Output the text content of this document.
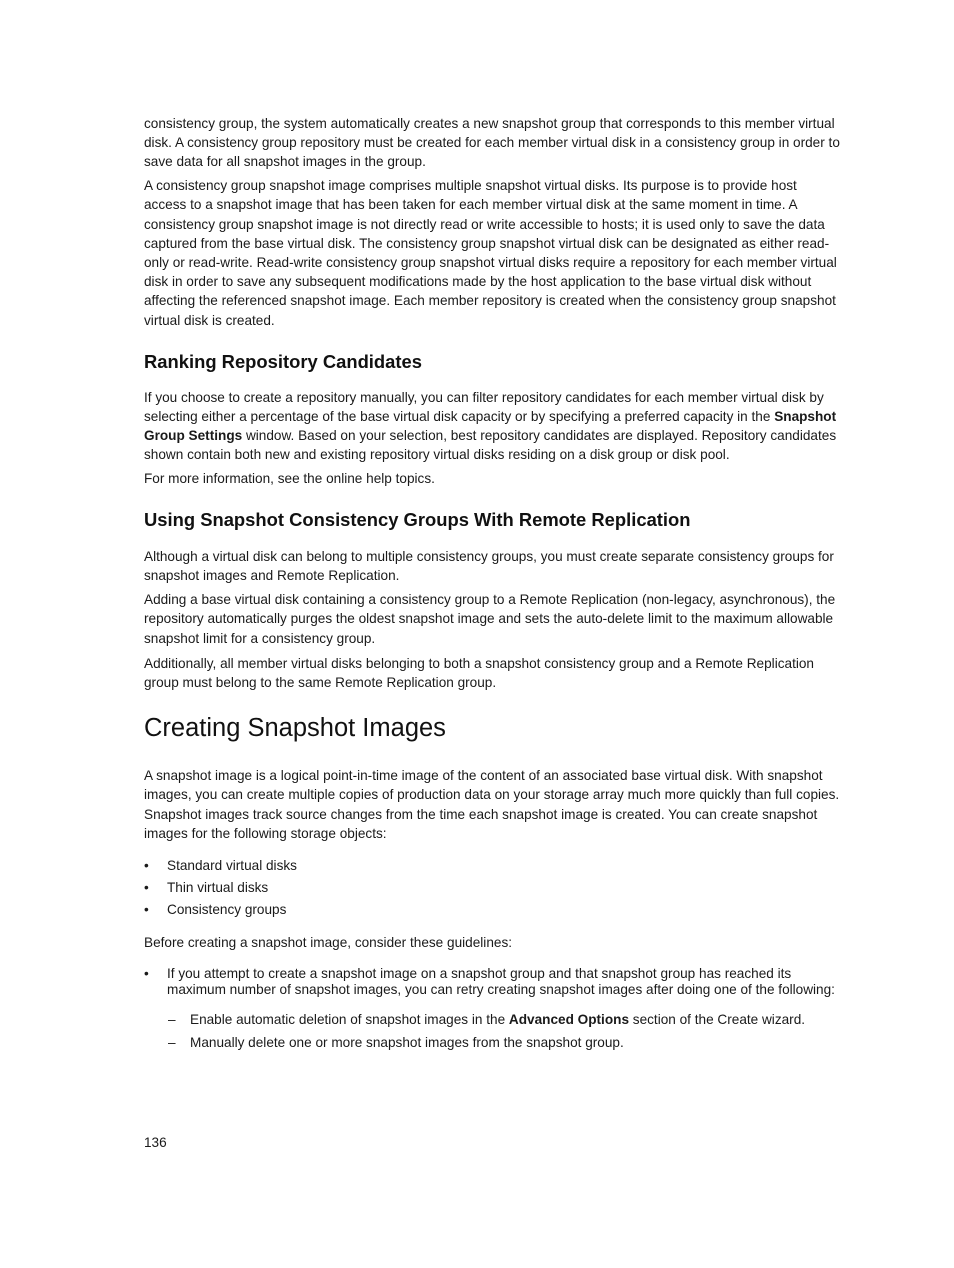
consistency group, the system automatically creates a new snapshot group that corresponds to this member virtual disk. A consistency group repository must be created for each member virtual disk in a consistency group in order to save data for all snapshot images in the group.

A consistency group snapshot image comprises multiple snapshot virtual disks. Its purpose is to provide host access to a snapshot image that has been taken for each member virtual disk at the same moment in time. A consistency group snapshot image is not directly read or write accessible to hosts; it is used only to save the data captured from the base virtual disk. The consistency group snapshot virtual disk can be designated as either read-only or read-write. Read-write consistency group snapshot virtual disks require a repository for each member virtual disk in order to save any subsequent modifications made by the host application to the base virtual disk without affecting the referenced snapshot image. Each member repository is created when the consistency group snapshot virtual disk is created.

Ranking Repository Candidates

If you choose to create a repository manually, you can filter repository candidates for each member virtual disk by selecting either a percentage of the base virtual disk capacity or by specifying a preferred capacity in the Snapshot Group Settings window. Based on your selection, best repository candidates are displayed. Repository candidates shown contain both new and existing repository virtual disks residing on a disk group or disk pool.

For more information, see the online help topics.

Using Snapshot Consistency Groups With Remote Replication

Although a virtual disk can belong to multiple consistency groups, you must create separate consistency groups for snapshot images and Remote Replication.

Adding a base virtual disk containing a consistency group to a Remote Replication (non-legacy, asynchronous), the repository automatically purges the oldest snapshot image and sets the auto-delete limit to the maximum allowable snapshot limit for a consistency group.

Additionally, all member virtual disks belonging to both a snapshot consistency group and a Remote Replication group must belong to the same Remote Replication group.

Creating Snapshot Images

A snapshot image is a logical point-in-time image of the content of an associated base virtual disk. With snapshot images, you can create multiple copies of production data on your storage array much more quickly than full copies. Snapshot images track source changes from the time each snapshot image is created. You can create snapshot images for the following storage objects:

• Standard virtual disks
• Thin virtual disks
• Consistency groups

Before creating a snapshot image, consider these guidelines:

• If you attempt to create a snapshot image on a snapshot group and that snapshot group has reached its maximum number of snapshot images, you can retry creating snapshot images after doing one of the following:
– Enable automatic deletion of snapshot images in the Advanced Options section of the Create wizard.
– Manually delete one or more snapshot images from the snapshot group.
136
